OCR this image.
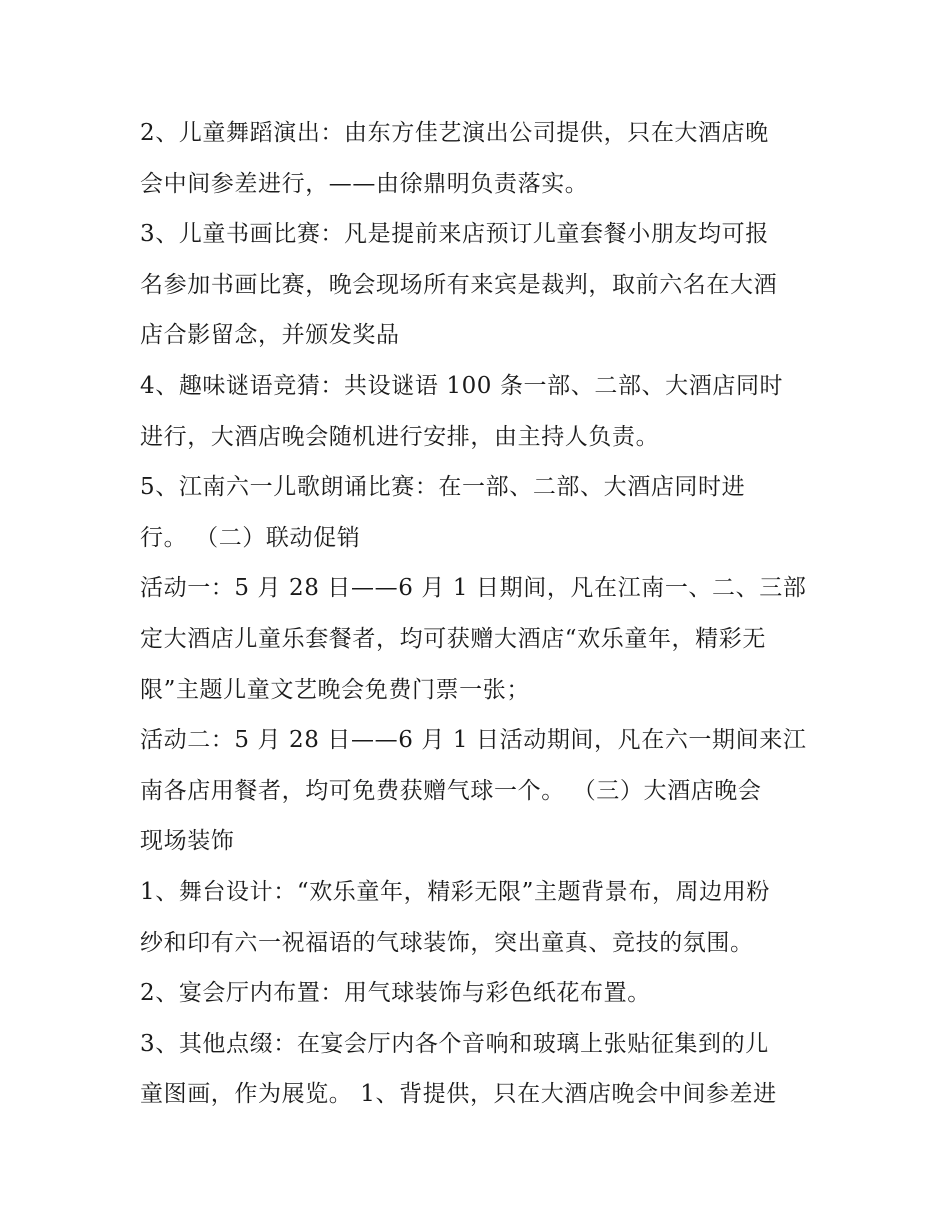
2、儿童舞蹈演出：由东方佳艺演出公司提供，只在大酒店晚
会中间参差进行，——由徐鼎明负责落实。
3、儿童书画比赛：凡是提前来店预订儿童套餐小朋友均可报
名参加书画比赛，晚会现场所有来宾是裁判，取前六名在大酒
店合影留念，并颁发奖品
4、趣味谜语竞猜：共设谜语 100 条一部、二部、大酒店同时
进行，大酒店晚会随机进行安排，由主持人负责。
5、江南六一儿歌朗诵比赛：在一部、二部、大酒店同时进
行。 （二）联动促销
活动一：5 月 28 日——6 月 1 日期间，凡在江南一、二、三部
定大酒店儿童乐套餐者，均可获赠大酒店“欢乐童年，精彩无
限”主题儿童文艺晚会免费门票一张；
活动二：5 月 28 日——6 月 1 日活动期间，凡在六一期间来江
南各店用餐者，均可免费获赠气球一个。 （三）大酒店晚会
现场装饰
1、舞台设计：“欢乐童年，精彩无限”主题背景布，周边用粉
纱和印有六一祝福语的气球装饰，突出童真、竞技的氛围。
2、宴会厅内布置：用气球装饰与彩色纸花布置。
3、其他点缀：在宴会厅内各个音响和玻璃上张贴征集到的儿
童图画，作为展览。 1、背提供，只在大酒店晚会中间参差进
